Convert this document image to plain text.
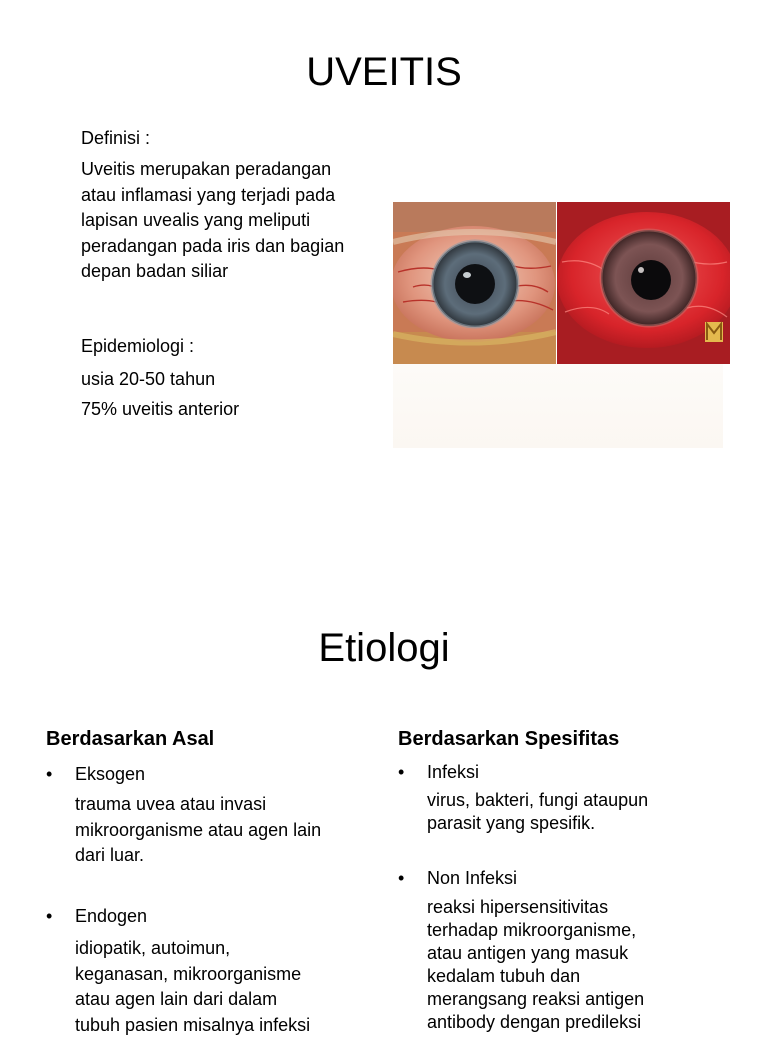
UVEITIS
Definisi :
Uveitis merupakan peradangan
atau inflamasi yang terjadi pada
lapisan uvealis yang meliputi
peradangan pada iris dan bagian
depan badan siliar
Epidemiologi :
usia 20-50 tahun
75% uveitis anterior
Etiologi
Berdasarkan Asal	Berdasarkan Spesifitas
• Eksogen
trauma uvea atau invasi
mikroorganisme atau agen lain
dari luar.
• Endogen
idiopatik, autoimun,
keganasan, mikroorganisme
atau agen lain dari dalam
tubuh pasien misalnya infeksi
• Infeksi
virus, bakteri, fungi ataupun
parasit yang spesifik.
• Non Infeksi
reaksi hipersensitivitas
terhadap mikroorganisme,
atau antigen yang masuk
kedalam tubuh dan
merangsang reaksi antigen
antibody dengan predileksi
